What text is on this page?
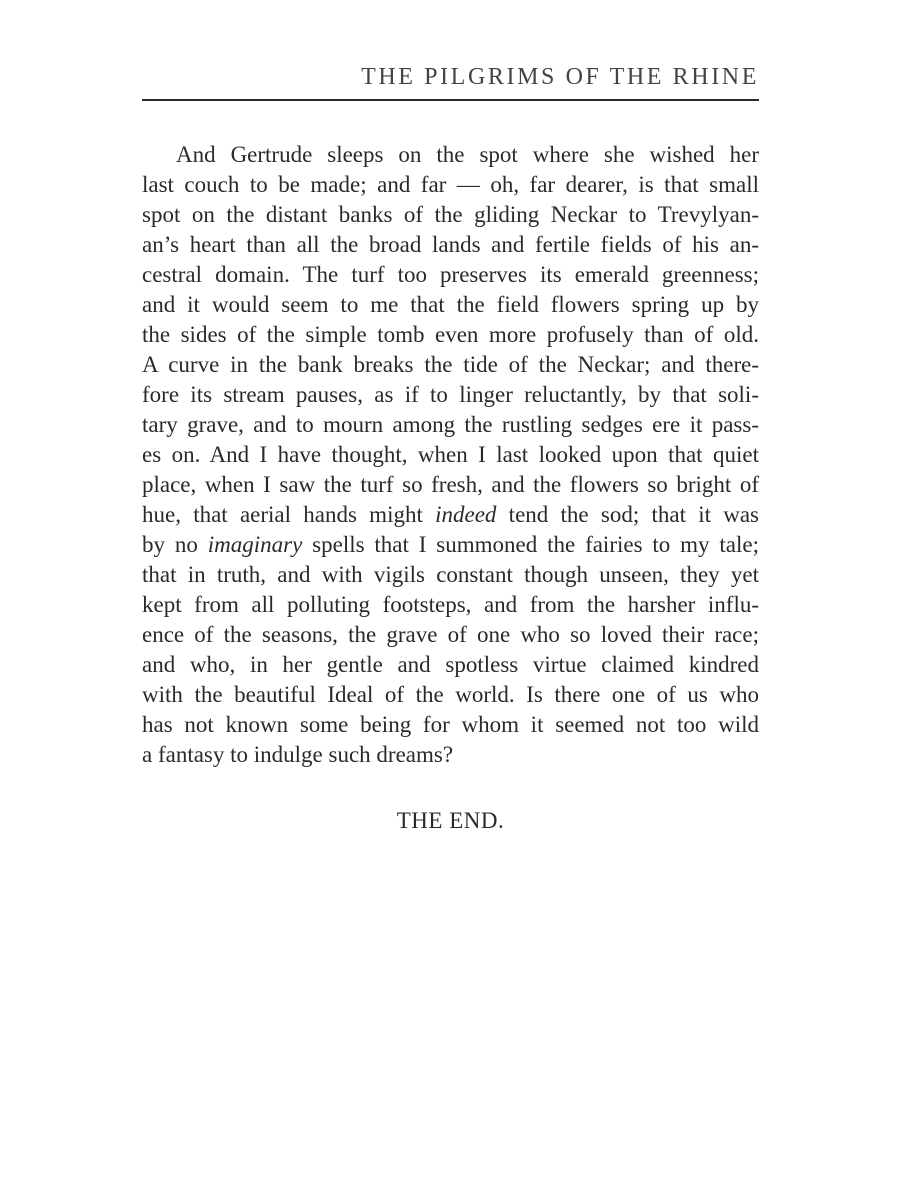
THE PILGRIMS OF THE RHINE
And Gertrude sleeps on the spot where she wished her
last couch to be made; and far — oh, far dearer, is that small
spot on the distant banks of the gliding Neckar to Trevylyan-
an’s heart than all the broad lands and fertile fields of his an-
cestral domain. The turf too preserves its emerald greenness;
and it would seem to me that the field flowers spring up by
the sides of the simple tomb even more profusely than of old.
A curve in the bank breaks the tide of the Neckar; and there-
fore its stream pauses, as if to linger reluctantly, by that soli-
tary grave, and to mourn among the rustling sedges ere it pass-
es on. And I have thought, when I last looked upon that quiet
place, when I saw the turf so fresh, and the flowers so bright of
hue, that aerial hands might indeed tend the sod; that it was
by no imaginary spells that I summoned the fairies to my tale;
that in truth, and with vigils constant though unseen, they yet
kept from all polluting footsteps, and from the harsher influ-
ence of the seasons, the grave of one who so loved their race;
and who, in her gentle and spotless virtue claimed kindred
with the beautiful Ideal of the world. Is there one of us who
has not known some being for whom it seemed not too wild
a fantasy to indulge such dreams?
THE END.
